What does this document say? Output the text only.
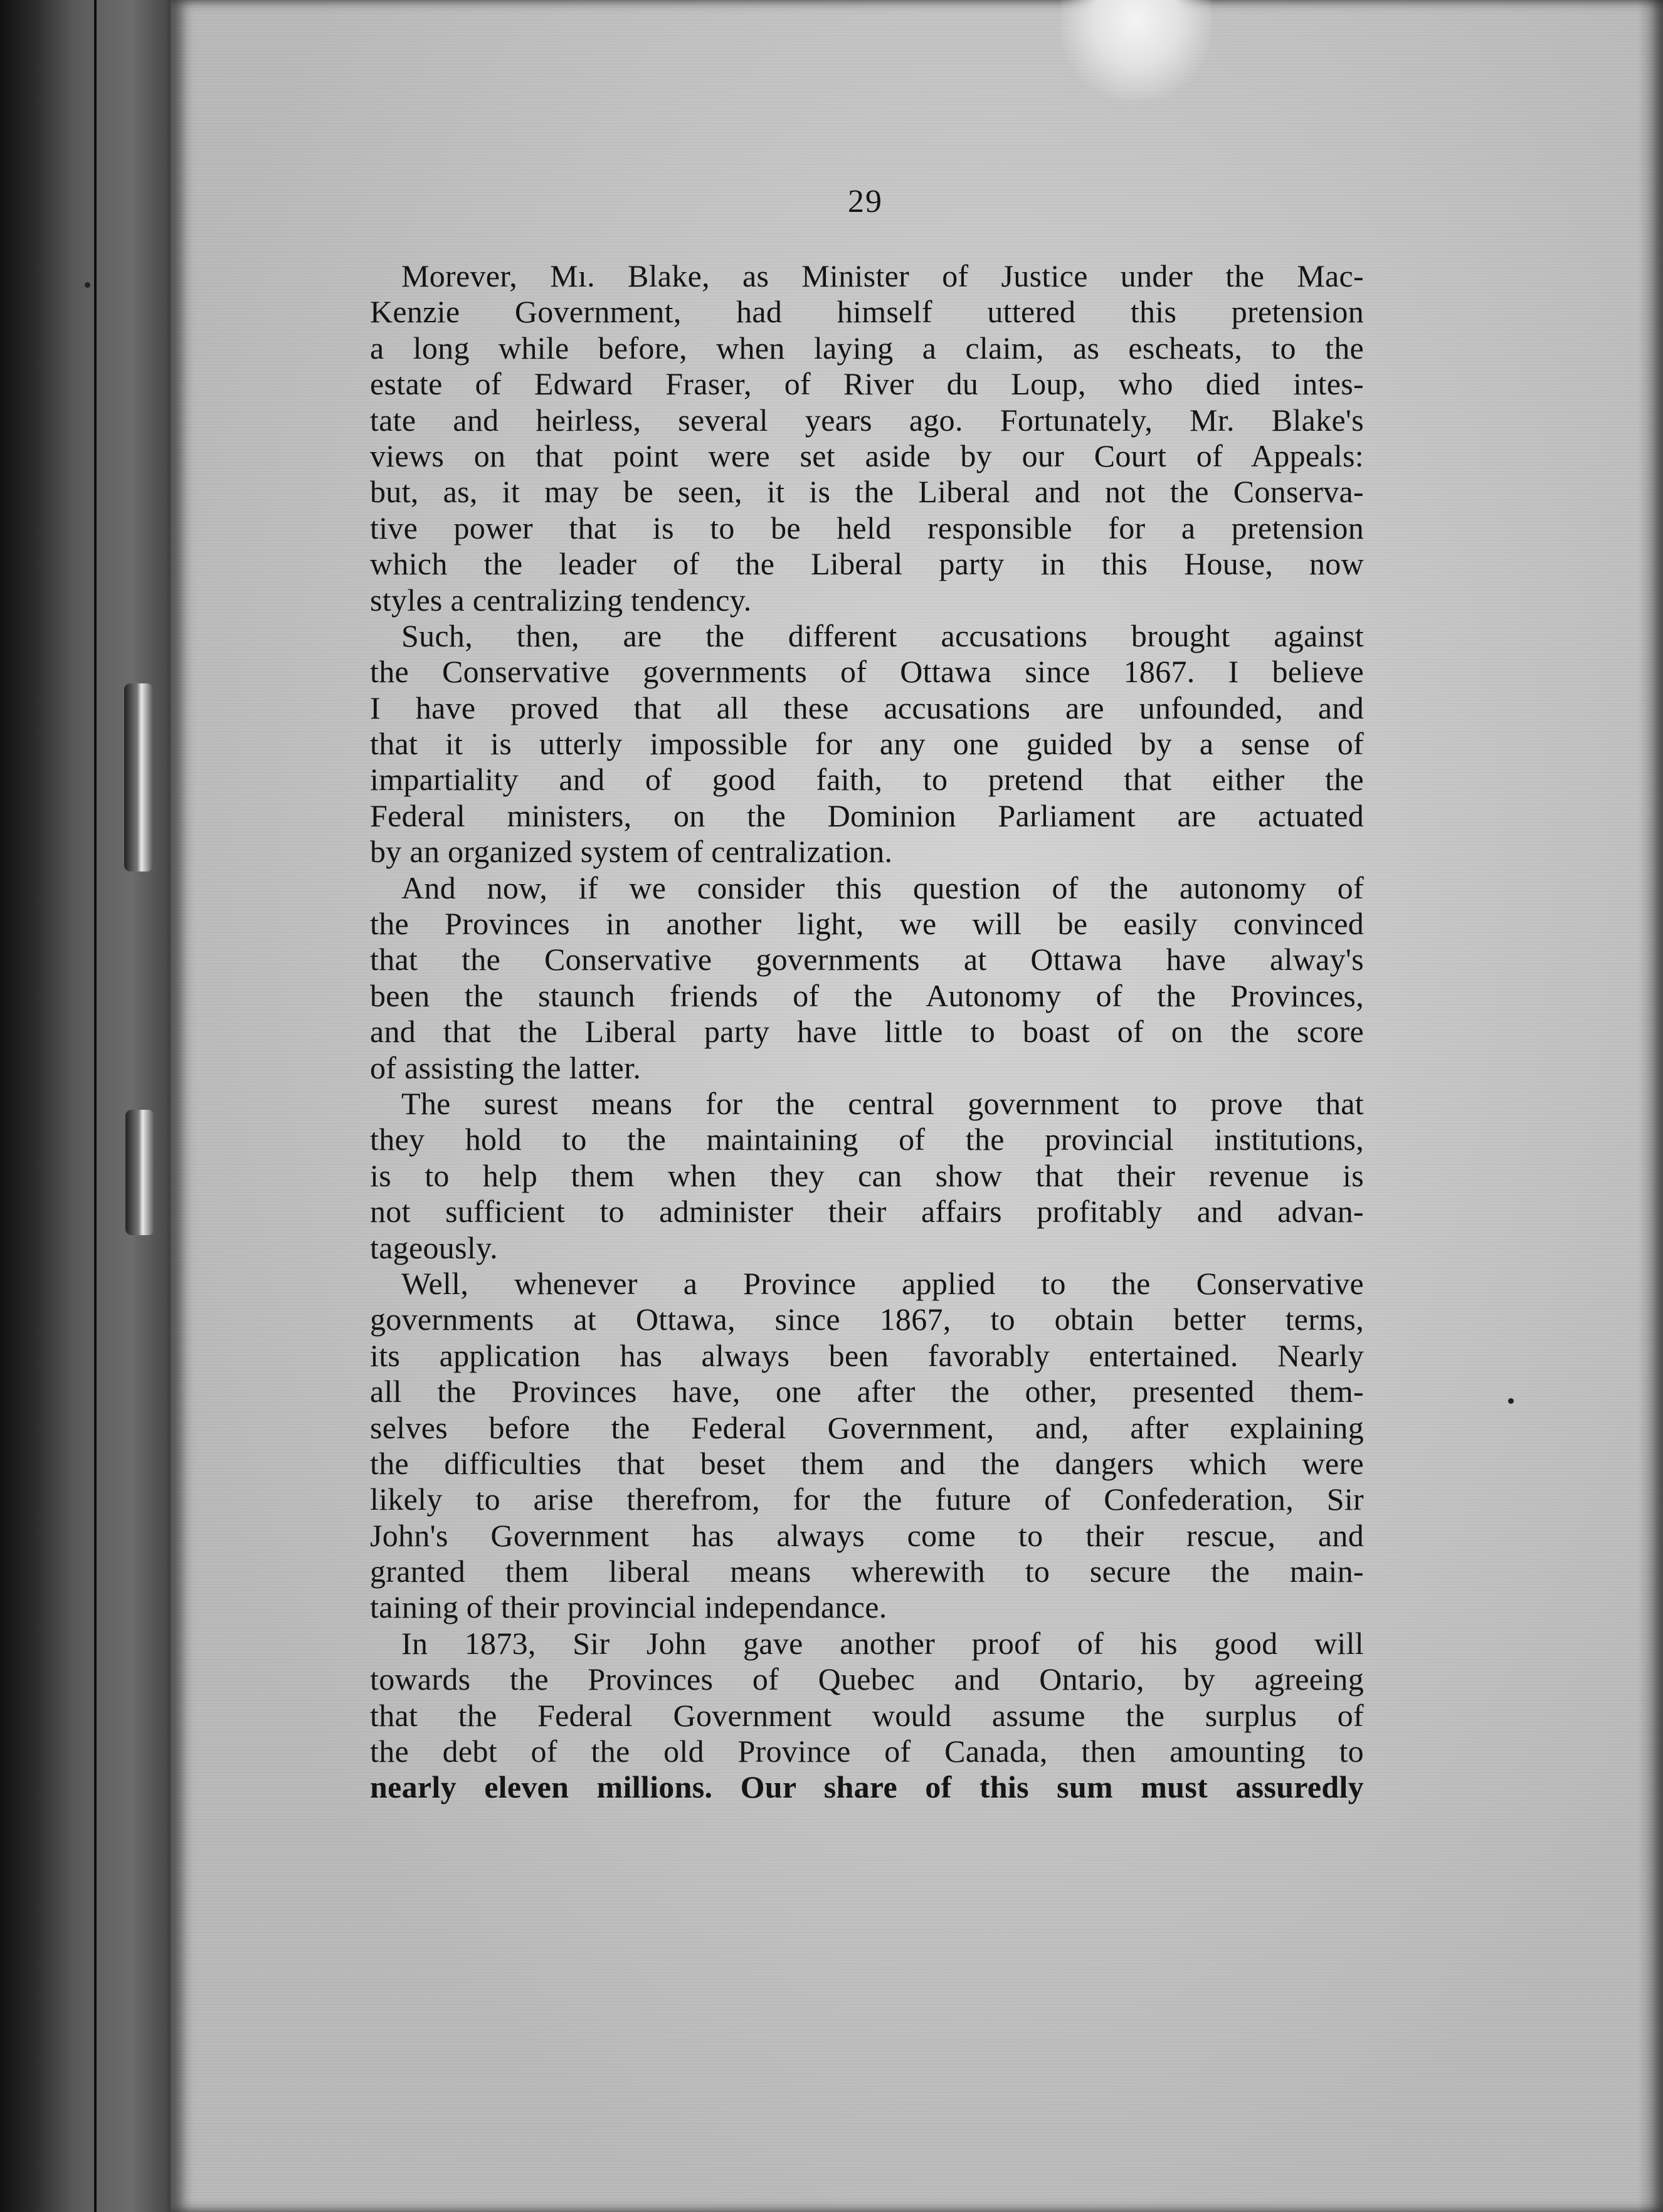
29
Morever, Mı. Blake, as Minister of Justice under the Mac-
Kenzie Government, had himself uttered this pretension
a long while before, when laying a claim, as escheats, to the
estate of Edward Fraser, of River du Loup, who died intes-
tate and heirless, several years ago. Fortunately, Mr. Blake's
views on that point were set aside by our Court of Appeals:
but, as, it may be seen, it is the Liberal and not the Conserva-
tive power that is to be held responsible for a pretension
which the leader of the Liberal party in this House, now
styles a centralizing tendency.
Such, then, are the different accusations brought against
the Conservative governments of Ottawa since 1867. I believe
I have proved that all these accusations are unfounded, and
that it is utterly impossible for any one guided by a sense of
impartiality and of good faith, to pretend that either the
Federal ministers, on the Dominion Parliament are actuated
by an organized system of centralization.
And now, if we consider this question of the autonomy of
the Provinces in another light, we will be easily convinced
that the Conservative governments at Ottawa have alway's
been the staunch friends of the Autonomy of the Provinces,
and that the Liberal party have little to boast of on the score
of assisting the latter.
The surest means for the central government to prove that
they hold to the maintaining of the provincial institutions,
is to help them when they can show that their revenue is
not sufficient to administer their affairs profitably and advan-
tageously.
Well, whenever a Province applied to the Conservative
governments at Ottawa, since 1867, to obtain better terms,
its application has always been favorably entertained. Nearly
all the Provinces have, one after the other, presented them-
selves before the Federal Government, and, after explaining
the difficulties that beset them and the dangers which were
likely to arise therefrom, for the future of Confederation, Sir
John's Government has always come to their rescue, and
granted them liberal means wherewith to secure the main-
taining of their provincial independance.
In 1873, Sir John gave another proof of his good will
towards the Provinces of Quebec and Ontario, by agreeing
that the Federal Government would assume the surplus of
the debt of the old Province of Canada, then amounting to
nearly eleven millions. Our share of this sum must assuredly
